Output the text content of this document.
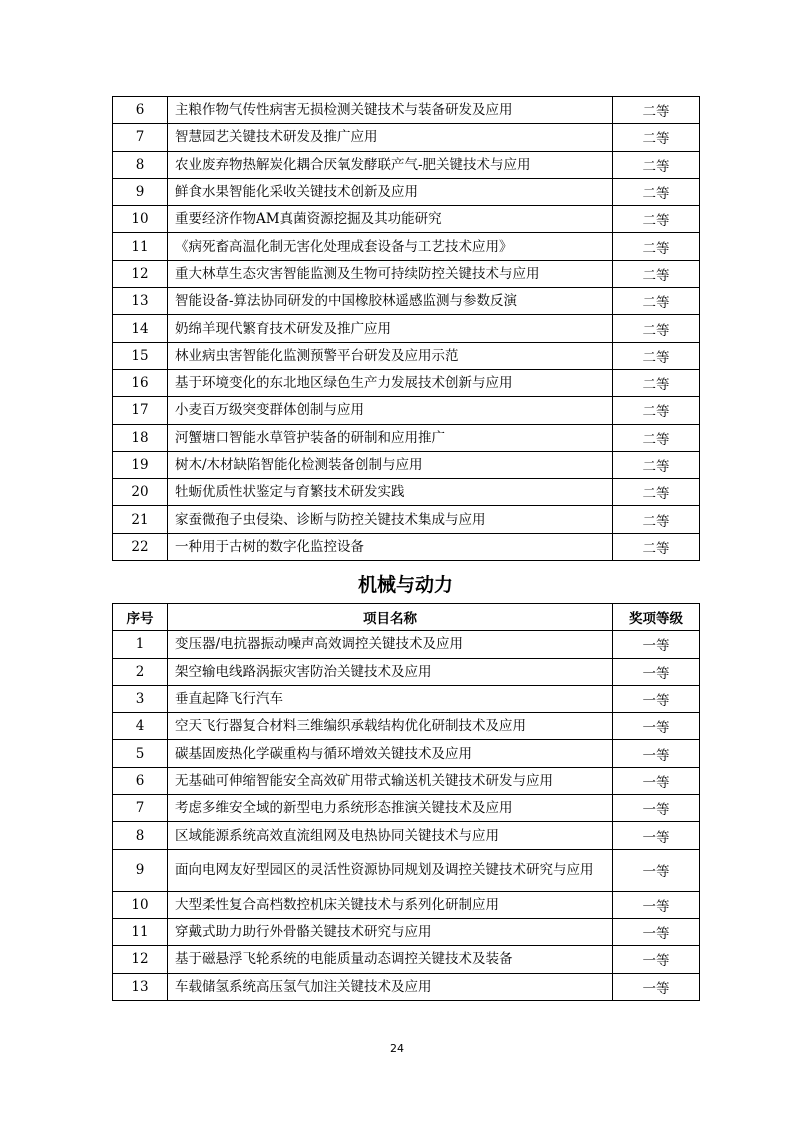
6	主粮作物气传性病害无损检测关键技术与装备研发及应用	二等
7	智慧园艺关键技术研发及推广应用	二等
8	农业废弃物热解炭化耦合厌氧发酵联产气-肥关键技术与应用	二等
9	鲜食水果智能化采收关键技术创新及应用	二等
10	重要经济作物AM真菌资源挖掘及其功能研究	二等
11	《病死畜高温化制无害化处理成套设备与工艺技术应用》	二等
12	重大林草生态灾害智能监测及生物可持续防控关键技术与应用	二等
13	智能设备-算法协同研发的中国橡胶林遥感监测与参数反演	二等
14	奶绵羊现代繁育技术研发及推广应用	二等
15	林业病虫害智能化监测预警平台研发及应用示范	二等
16	基于环境变化的东北地区绿色生产力发展技术创新与应用	二等
17	小麦百万级突变群体创制与应用	二等
18	河蟹塘口智能水草管护装备的研制和应用推广	二等
19	树木/木材缺陷智能化检测装备创制与应用	二等
20	牡蛎优质性状鉴定与育繁技术研发实践	二等
21	家蚕微孢子虫侵染、诊断与防控关键技术集成与应用	二等
22	一种用于古树的数字化监控设备	二等
机械与动力
序号	项目名称	奖项等级
1	变压器/电抗器振动噪声高效调控关键技术及应用	一等
2	架空输电线路涡振灾害防治关键技术及应用	一等
3	垂直起降飞行汽车	一等
4	空天飞行器复合材料三维编织承载结构优化研制技术及应用	一等
5	碳基固废热化学碳重构与循环增效关键技术及应用	一等
6	无基础可伸缩智能安全高效矿用带式输送机关键技术研发与应用	一等
7	考虑多维安全域的新型电力系统形态推演关键技术及应用	一等
8	区域能源系统高效直流组网及电热协同关键技术与应用	一等
9	面向电网友好型园区的灵活性资源协同规划及调控关键技术研究与应用	一等
10	大型柔性复合高档数控机床关键技术与系列化研制应用	一等
11	穿戴式助力助行外骨骼关键技术研究与应用	一等
12	基于磁悬浮飞轮系统的电能质量动态调控关键技术及装备	一等
13	车载储氢系统高压氢气加注关键技术及应用	一等
24
